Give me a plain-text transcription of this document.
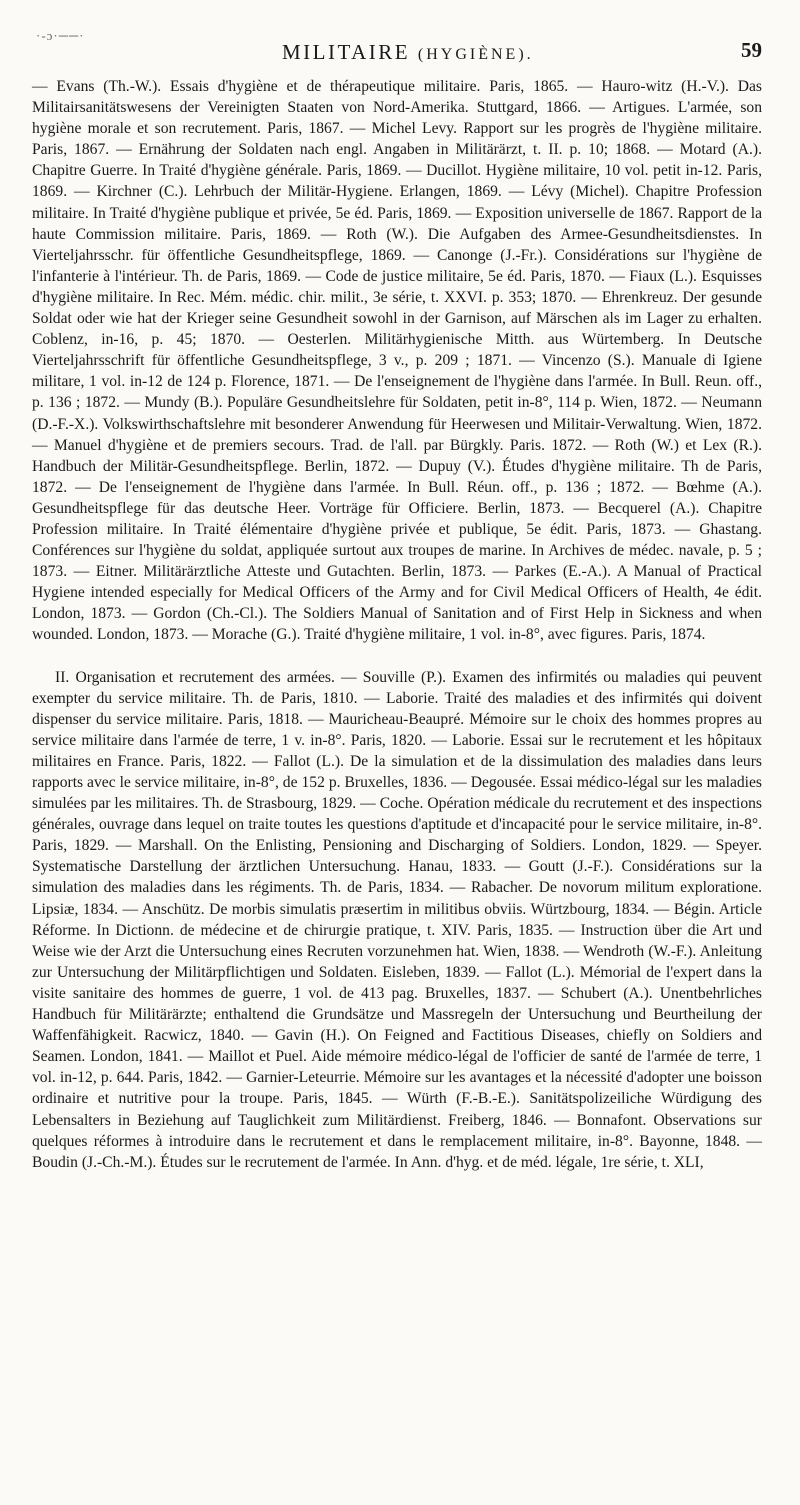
·-ɔ·──·
MILITAIRE (HYGIÈNE).	59

— Evans (Th.-W.). Essais d'hygiène et de thérapeutique militaire. Paris, 1865. — Hauro-witz (H.-V.). Das Militairsanitätswesens der Vereinigten Staaten von Nord-Amerika. Stuttgard, 1866. — Artigues. L'armée, son hygiène morale et son recrutement. Paris, 1867. — Michel Levy. Rapport sur les progrès de l'hygiène militaire. Paris, 1867. — Ernährung der Soldaten nach engl. Angaben in Militärärzt, t. II. p. 10; 1868. — Motard (A.). Chapitre Guerre. In Traité d'hygiène générale. Paris, 1869. — Ducillot. Hygiène militaire, 10 vol. petit in-12. Paris, 1869. — Kirchner (C.). Lehrbuch der Militär-Hygiene. Erlangen, 1869. — Lévy (Michel). Chapitre Profession militaire. In Traité d'hygiène publique et privée, 5e éd. Paris, 1869. — Exposition universelle de 1867. Rapport de la haute Commission militaire. Paris, 1869. — Roth (W.). Die Aufgaben des Armee-Gesundheitsdienstes. In Vierteljahrsschr. für öffentliche Gesundheitspflege, 1869. — Canonge (J.-Fr.). Considérations sur l'hygiène de l'infanterie à l'intérieur. Th. de Paris, 1869. — Code de justice militaire, 5e éd. Paris, 1870. — Fiaux (L.). Esquisses d'hygiène militaire. In Rec. Mém. médic. chir. milit., 3e série, t. XXVI. p. 353; 1870. — Ehrenkreuz. Der gesunde Soldat oder wie hat der Krieger seine Gesundheit sowohl in der Garnison, auf Märschen als im Lager zu erhalten. Coblenz, in-16, p. 45; 1870. — Oesterlen. Militärhygienische Mitth. aus Würtemberg. In Deutsche Vierteljahrsschrift für öffentliche Gesundheitspflege, 3 v., p. 209 ; 1871. — Vincenzo (S.). Manuale di Igiene militare, 1 vol. in-12 de 124 p. Florence, 1871. — De l'enseignement de l'hygiène dans l'armée. In Bull. Reun. off., p. 136 ; 1872. — Mundy (B.). Populäre Gesundheitslehre für Soldaten, petit in-8°, 114 p. Wien, 1872. — Neumann (D.-F.-X.). Volkswirthschaftslehre mit besonderer Anwendung für Heerwesen und Militair-Verwaltung. Wien, 1872. — Manuel d'hygiène et de premiers secours. Trad. de l'all. par Bürgkly. Paris. 1872. — Roth (W.) et Lex (R.). Handbuch der Militär-Gesundheitspflege. Berlin, 1872. — Dupuy (V.). Études d'hygiène militaire. Th de Paris, 1872. — De l'enseignement de l'hygiène dans l'armée. In Bull. Réun. off., p. 136 ; 1872. — Bœhme (A.). Gesundheitspflege für das deutsche Heer. Vorträge für Officiere. Berlin, 1873. — Becquerel (A.). Chapitre Profession militaire. In Traité élémentaire d'hygiène privée et publique, 5e édit. Paris, 1873. — Ghastang. Conférences sur l'hygiène du soldat, appliquée surtout aux troupes de marine. In Archives de médec. navale, p. 5 ; 1873. — Eitner. Militärärztliche Atteste und Gutachten. Berlin, 1873. — Parkes (E.-A.). A Manual of Practical Hygiene intended especially for Medical Officers of the Army and for Civil Medical Officers of Health, 4e édit. London, 1873. — Gordon (Ch.-Cl.). The Soldiers Manual of Sanitation and of First Help in Sickness and when wounded. London, 1873. — Morache (G.). Traité d'hygiène militaire, 1 vol. in-8°, avec figures. Paris, 1874.

II. Organisation et recrutement des armées. — Souville (P.). Examen des infirmités ou maladies qui peuvent exempter du service militaire. Th. de Paris, 1810. — Laborie. Traité des maladies et des infirmités qui doivent dispenser du service militaire. Paris, 1818. — Mauricheau-Beaupré. Mémoire sur le choix des hommes propres au service militaire dans l'armée de terre, 1 v. in-8°. Paris, 1820. — Laborie. Essai sur le recrutement et les hôpitaux militaires en France. Paris, 1822. — Fallot (L.). De la simulation et de la dissimulation des maladies dans leurs rapports avec le service militaire, in-8°, de 152 p. Bruxelles, 1836. — Degousée. Essai médico-légal sur les maladies simulées par les militaires. Th. de Strasbourg, 1829. — Coche. Opération médicale du recrutement et des inspections générales, ouvrage dans lequel on traite toutes les questions d'aptitude et d'incapacité pour le service militaire, in-8°. Paris, 1829. — Marshall. On the Enlisting, Pensioning and Discharging of Soldiers. London, 1829. — Speyer. Systematische Darstellung der ärztlichen Untersuchung. Hanau, 1833. — Goutt (J.-F.). Considérations sur la simulation des maladies dans les régiments. Th. de Paris, 1834. — Rabacher. De novorum militum exploratione. Lipsiæ, 1834. — Anschütz. De morbis simulatis præsertim in militibus obviis. Würtzbourg, 1834. — Bégin. Article Réforme. In Dictionn. de médecine et de chirurgie pratique, t. XIV. Paris, 1835. — Instruction über die Art und Weise wie der Arzt die Untersuchung eines Recruten vorzunehmen hat. Wien, 1838. — Wendroth (W.-F.). Anleitung zur Untersuchung der Militärpflichtigen und Soldaten. Eisleben, 1839. — Fallot (L.). Mémorial de l'expert dans la visite sanitaire des hommes de guerre, 1 vol. de 413 pag. Bruxelles, 1837. — Schubert (A.). Unentbehrliches Handbuch für Militärärzte; enthaltend die Grundsätze und Massregeln der Untersuchung und Beurtheilung der Waffenfähigkeit. Racwicz, 1840. — Gavin (H.). On Feigned and Factitious Diseases, chiefly on Soldiers and Seamen. London, 1841. — Maillot et Puel. Aide mémoire médico-légal de l'officier de santé de l'armée de terre, 1 vol. in-12, p. 644. Paris, 1842. — Garnier-Leteurrie. Mémoire sur les avantages et la nécessité d'adopter une boisson ordinaire et nutritive pour la troupe. Paris, 1845. — Würth (F.-B.-E.). Sanitätspolizeiliche Würdigung des Lebensalters in Beziehung auf Tauglichkeit zum Militärdienst. Freiberg, 1846. — Bonnafont. Observations sur quelques réformes à introduire dans le recrutement et dans le remplacement militaire, in-8°. Bayonne, 1848. — Boudin (J.-Ch.-M.). Études sur le recrutement de l'armée. In Ann. d'hyg. et de méd. légale, 1re série, t. XLI,
